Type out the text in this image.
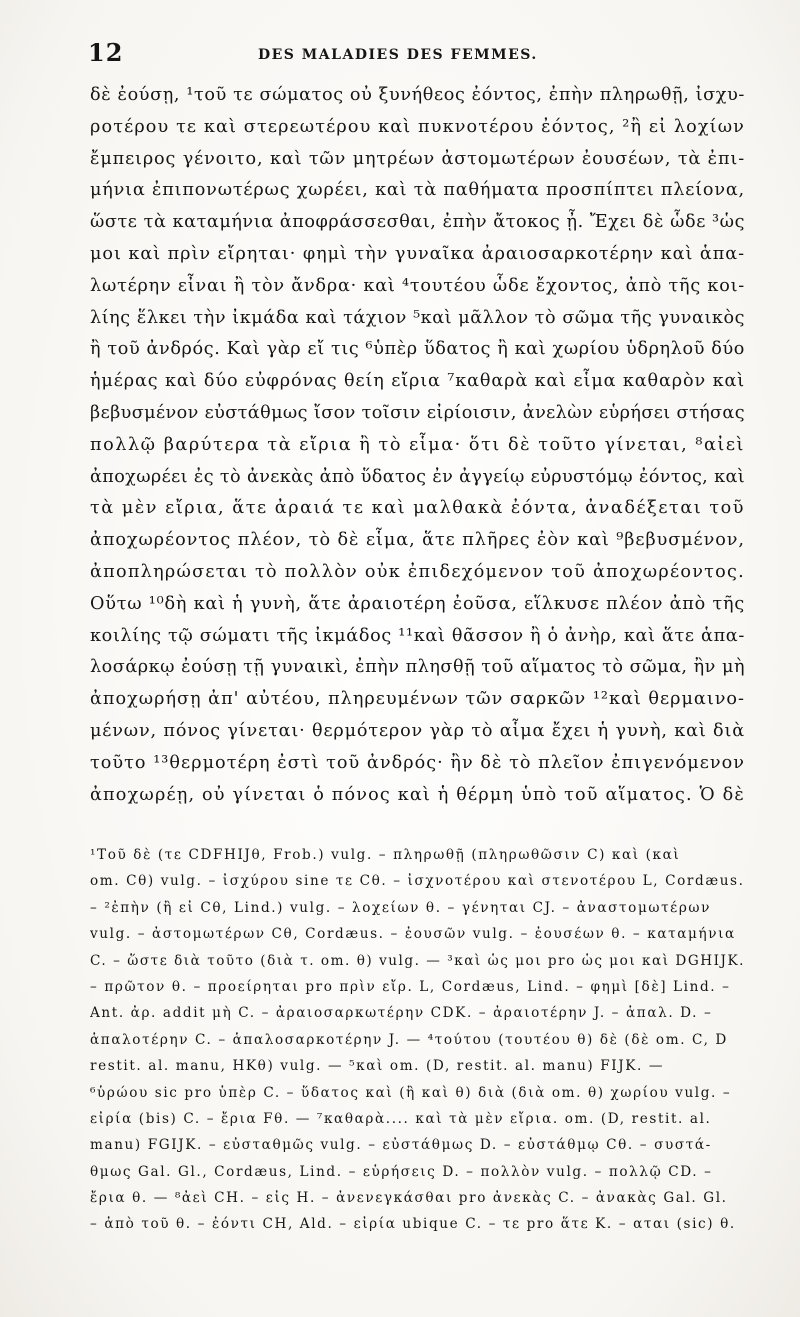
12	DES MALADIES DES FEMMES.
δὲ ἐούσῃ, ¹τοῦ τε σώματος οὐ ξυνήθεος ἐόντος, ἐπὴν πληρωθῇ, ἰσχυ-
ροτέρου τε καὶ στερεωτέρου καὶ πυκνοτέρου ἐόντος, ²ἢ εἰ λοχίων
ἔμπειρος γένοιτο, καὶ τῶν μητρέων ἀστομωτέρων ἐουσέων, τὰ ἐπι-
μήνια ἐπιπονωτέρως χωρέει, καὶ τὰ παθήματα προσπίπτει πλείονα,
ὥστε τὰ καταμήνια ἀποφράσσεσθαι, ἐπὴν ἄτοκος ᾖ. Ἔχει δὲ ὧδε ³ὡς
μοι καὶ πρὶν εἴρηται· φημὶ τὴν γυναῖκα ἀραιοσαρκοτέρην καὶ ἁπα-
λωτέρην εἶναι ἢ τὸν ἄνδρα· καὶ ⁴τουτέου ὧδε ἔχοντος, ἀπὸ τῆς κοι-
λίης ἕλκει τὴν ἰκμάδα καὶ τάχιον ⁵καὶ μᾶλλον τὸ σῶμα τῆς γυναικὸς
ἢ τοῦ ἀνδρός. Καὶ γὰρ εἴ τις ⁶ὑπὲρ ὕδατος ἢ καὶ χωρίου ὑδρηλοῦ δύο
ἡμέρας καὶ δύο εὐφρόνας θείη εἴρια ⁷καθαρὰ καὶ εἷμα καθαρὸν καὶ
βεβυσμένον εὐστάθμως ἴσον τοῖσιν εἰρίοισιν, ἀνελὼν εὑρήσει στήσας
πολλῷ βαρύτερα τὰ εἴρια ἢ τὸ εἷμα· ὅτι δὲ τοῦτο γίνεται, ⁸αἰεὶ
ἀποχωρέει ἐς τὸ ἀνεκὰς ἀπὸ ὕδατος ἐν ἀγγείῳ εὐρυστόμῳ ἐόντος, καὶ
τὰ μὲν εἴρια, ἅτε ἀραιά τε καὶ μαλθακὰ ἐόντα, ἀναδέξεται τοῦ
ἀποχωρέοντος πλέον, τὸ δὲ εἷμα, ἅτε πλῆρες ἐὸν καὶ ⁹βεβυσμένον,
ἀποπληρώσεται τὸ πολλὸν οὐκ ἐπιδεχόμενον τοῦ ἀποχωρέοντος.
Οὕτω ¹⁰δὴ καὶ ἡ γυνὴ, ἅτε ἀραιοτέρη ἐοῦσα, εἵλκυσε πλέον ἀπὸ τῆς
κοιλίης τῷ σώματι τῆς ἰκμάδος ¹¹καὶ θᾶσσον ἢ ὁ ἀνὴρ, καὶ ἅτε ἁπα-
λοσάρκῳ ἐούσῃ τῇ γυναικὶ, ἐπὴν πλησθῇ τοῦ αἵματος τὸ σῶμα, ἢν μὴ
ἀποχωρήσῃ ἀπ' αὐτέου, πληρευμένων τῶν σαρκῶν ¹²καὶ θερμαινο-
μένων, πόνος γίνεται· θερμότερον γὰρ τὸ αἷμα ἔχει ἡ γυνὴ, καὶ διὰ
τοῦτο ¹³θερμοτέρη ἐστὶ τοῦ ἀνδρός· ἢν δὲ τὸ πλεῖον ἐπιγενόμενον
ἀποχωρέῃ, οὐ γίνεται ὁ πόνος καὶ ἡ θέρμη ὑπὸ τοῦ αἵματος. Ὁ δὲ
¹Τοῦ δὲ (τε CDFHIJθ, Frob.) vulg. – πληρωθῇ (πληρωθῶσιν C) καὶ (καὶ
om. Cθ) vulg. – ἰσχύρου sine τε Cθ. – ἰσχνοτέρου καὶ στενοτέρου L, Cordæus.
– ²ἐπὴν (ἢ εἰ Cθ, Lind.) vulg. – λοχείων θ. – γένηται CJ. – ἀναστομωτέρων
vulg. – ἀστομωτέρων Cθ, Cordæus. – ἐουσῶν vulg. – ἐουσέων θ. – καταμήνια
C. – ὥστε διὰ τοῦτο (διὰ τ. om. θ) vulg. — ³καὶ ὡς μοι pro ὡς μοι καὶ DGHIJK.
– πρῶτον θ. – προείρηται pro πρὶν εἴρ. L, Cordæus, Lind. – φημὶ [δὲ] Lind. –
Ant. ἀρ. addit μὴ C. – ἀραιοσαρκωτέρην CDK. – ἀραιοτέρην J. – ἁπαλ. D. –
ἁπαλοτέρην C. – ἁπαλοσαρκοτέρην J. — ⁴τούτου (τουτέου θ) δὲ (δὲ om. C, D
restit. al. manu, HKθ) vulg. — ⁵καὶ om. (D, restit. al. manu) FIJK. —
⁶ὑρώου sic pro ὑπὲρ C. – ὕδατος καὶ (ἢ καὶ θ) διὰ (διὰ om. θ) χωρίου vulg. –
εἰρία (bis) C. – ἔρια Fθ. — ⁷καθαρὰ.... καὶ τὰ μὲν εἴρια. om. (D, restit. al.
manu) FGIJK. – εὐσταθμῶς vulg. – εὐστάθμως D. – εὐστάθμῳ Cθ. – συστά-
θμως Gal. Gl., Cordæus, Lind. – εὑρήσεις D. – πολλὸν vulg. – πολλῷ CD. –
ἔρια θ. — ⁸ἀεὶ CH. – εἰς H. – ἀνενεγκάσθαι pro ἀνεκὰς C. – ἀνακὰς Gal. Gl.
– ἀπὸ τοῦ θ. – ἐόντι CH, Ald. – εἰρία ubique C. – τε pro ἅτε K. – αται (sic) θ.
